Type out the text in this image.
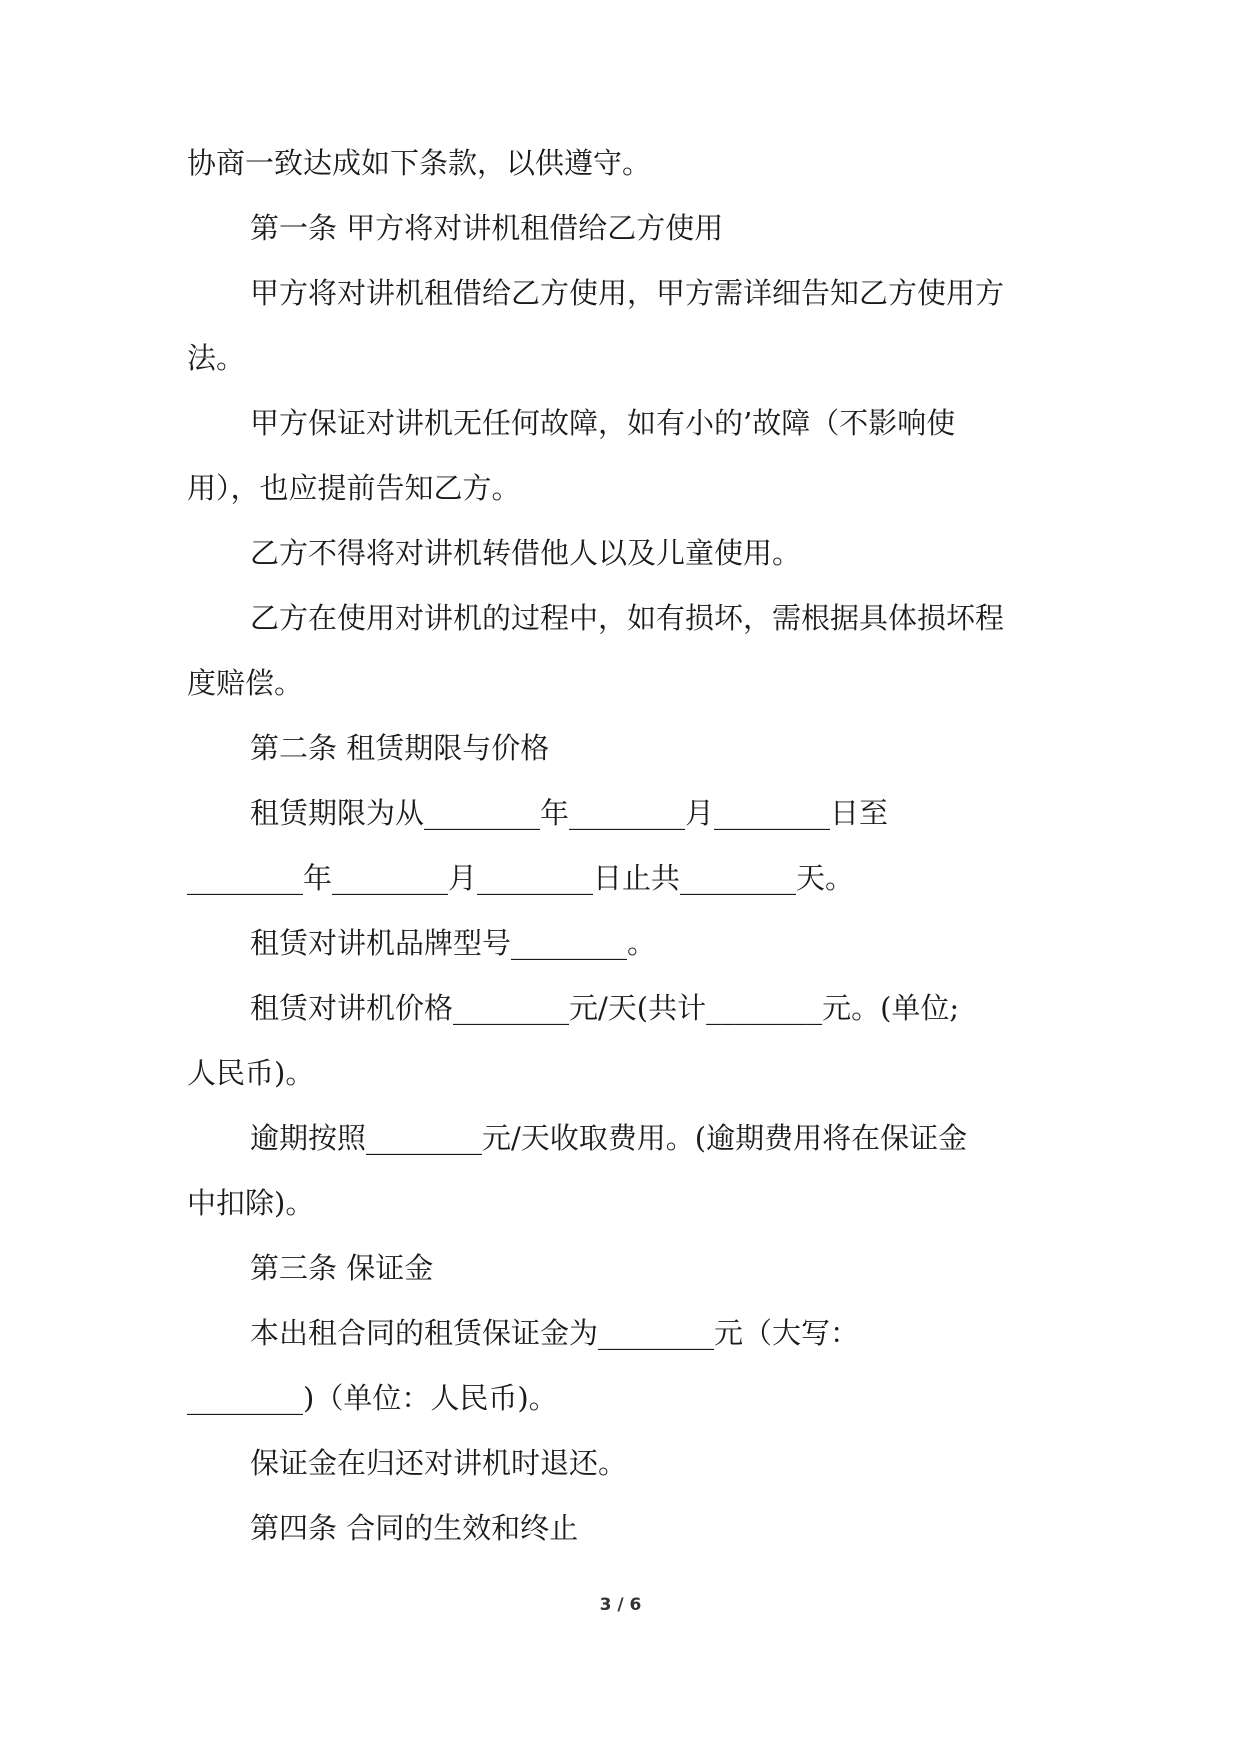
协商一致达成如下条款，以供遵守。
第一条 甲方将对讲机租借给乙方使用
甲方将对讲机租借给乙方使用，甲方需详细告知乙方使用方
法。
甲方保证对讲机无任何故障，如有小的’故障（不影响使
用），也应提前告知乙方。
乙方不得将对讲机转借他人以及儿童使用。
乙方在使用对讲机的过程中，如有损坏，需根据具体损坏程
度赔偿。
第二条 租赁期限与价格
租赁期限为从________年________月________日至
________年________月________日止共________天。
租赁对讲机品牌型号________。
租赁对讲机价格________元/天(共计________元。(单位;
人民币)。
逾期按照________元/天收取费用。(逾期费用将在保证金
中扣除)。
第三条 保证金
本出租合同的租赁保证金为________元（大写：
________)（单位：人民币)。
保证金在归还对讲机时退还。
第四条 合同的生效和终止
3 / 6
